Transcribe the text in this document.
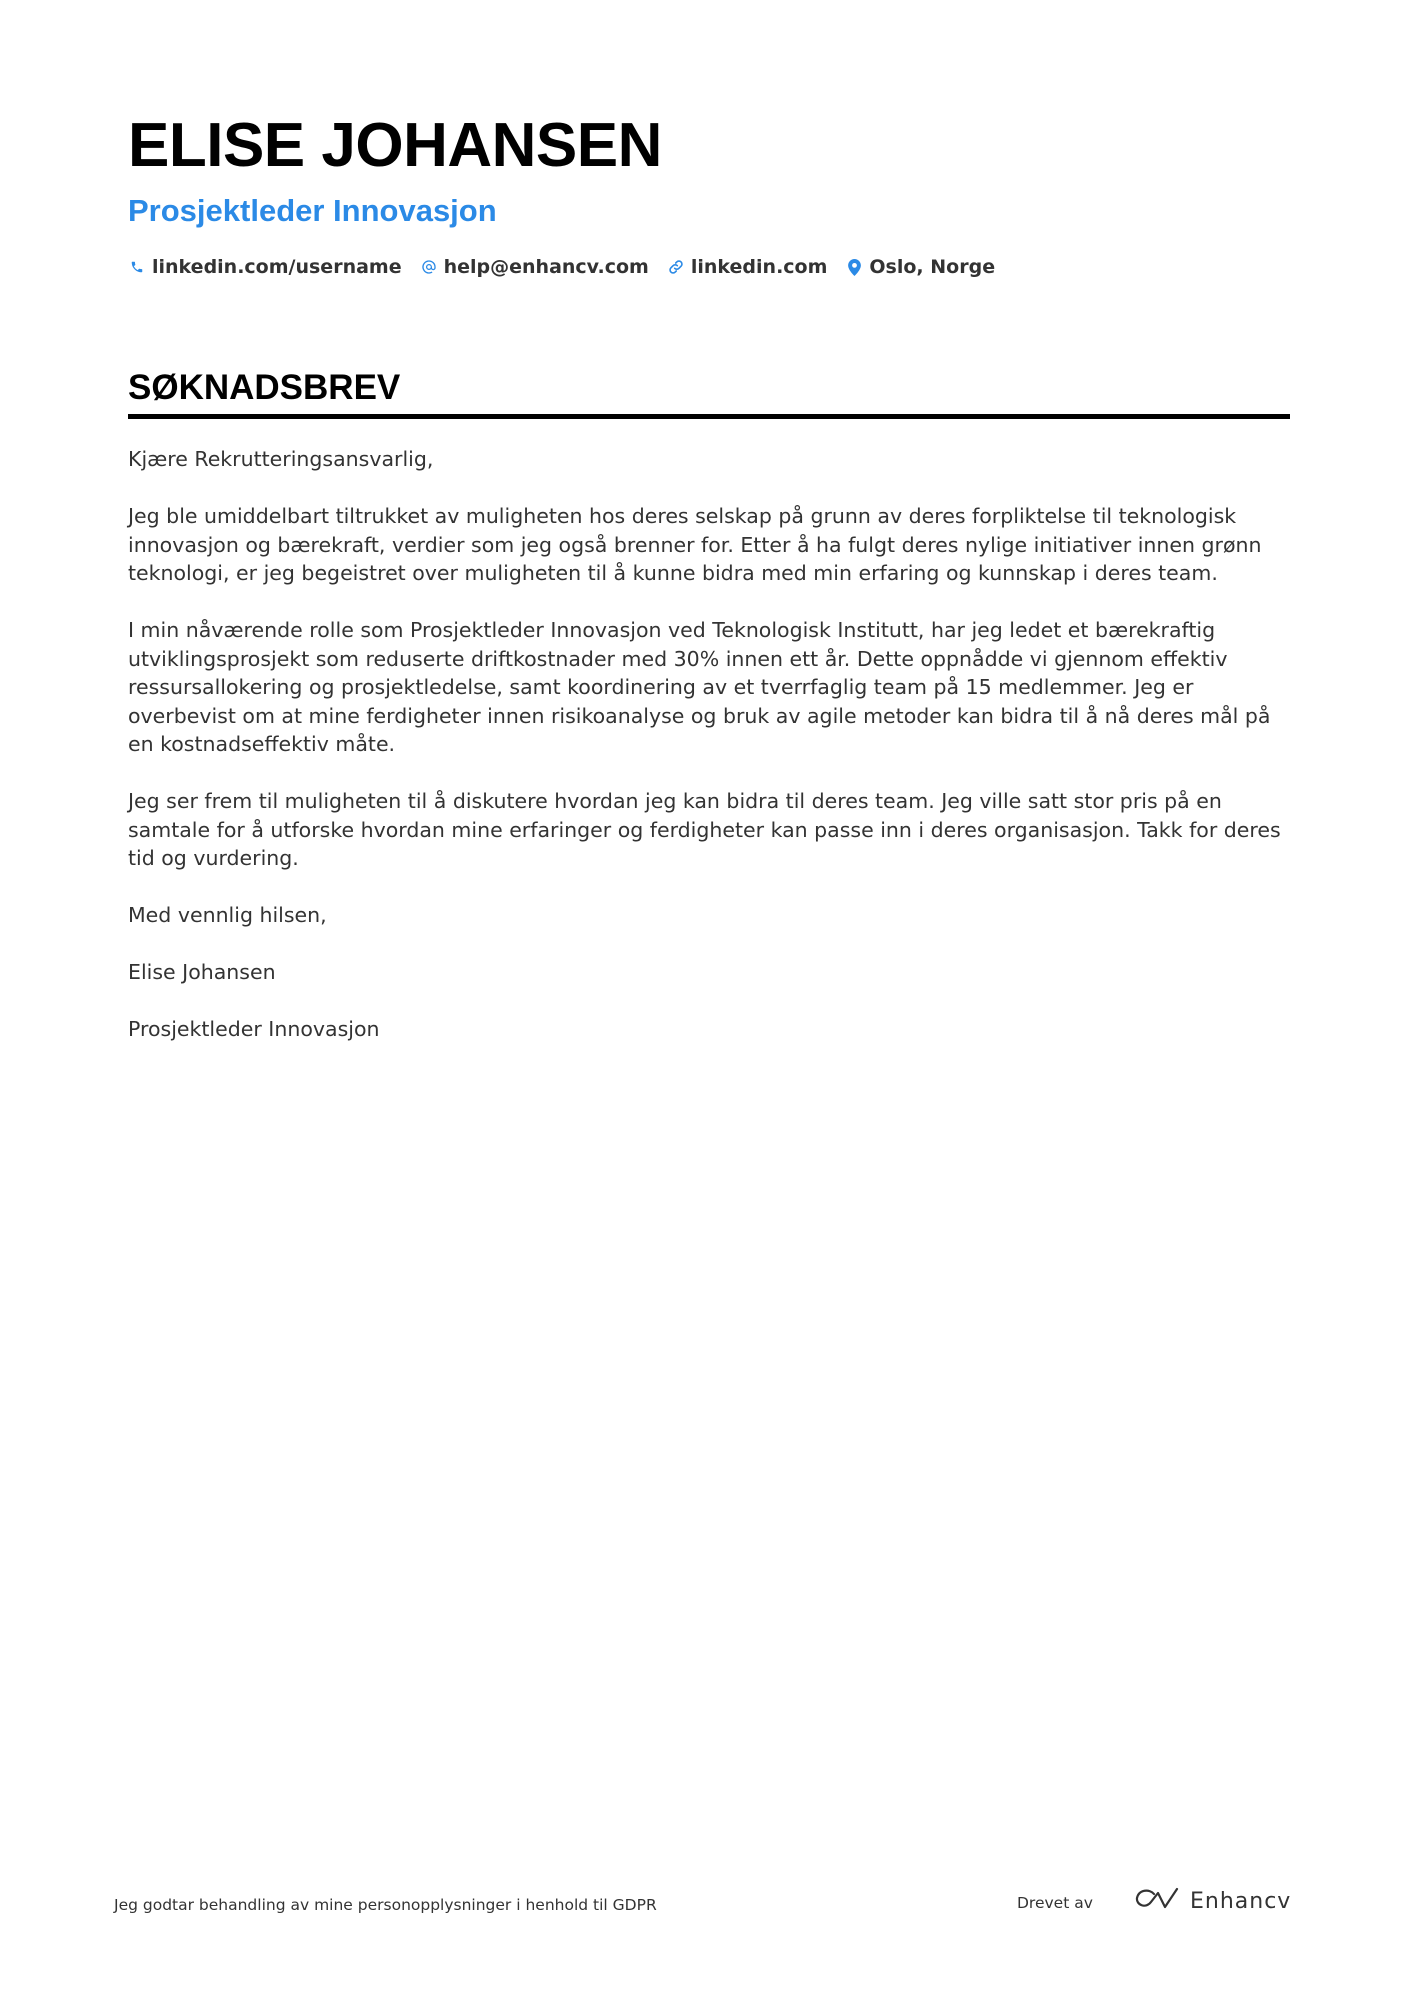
ELISE JOHANSEN
Prosjektleder Innovasjon
linkedin.com/username help@enhancv.com linkedin.com Oslo, Norge
SØKNADSBREV

Kjære Rekrutteringsansvarlig,

Jeg ble umiddelbart tiltrukket av muligheten hos deres selskap på grunn av deres forpliktelse til teknologisk innovasjon og bærekraft, verdier som jeg også brenner for. Etter å ha fulgt deres nylige initiativer innen grønn teknologi, er jeg begeistret over muligheten til å kunne bidra med min erfaring og kunnskap i deres team.

I min nåværende rolle som Prosjektleder Innovasjon ved Teknologisk Institutt, har jeg ledet et bærekraftig utviklingsprosjekt som reduserte driftkostnader med 30% innen ett år. Dette oppnådde vi gjennom effektiv ressursallokering og prosjektledelse, samt koordinering av et tverrfaglig team på 15 medlemmer. Jeg er overbevist om at mine ferdigheter innen risikoanalyse og bruk av agile metoder kan bidra til å nå deres mål på en kostnadseffektiv måte.

Jeg ser frem til muligheten til å diskutere hvordan jeg kan bidra til deres team. Jeg ville satt stor pris på en samtale for å utforske hvordan mine erfaringer og ferdigheter kan passe inn i deres organisasjon. Takk for deres tid og vurdering.

Med vennlig hilsen,

Elise Johansen

Prosjektleder Innovasjon

Jeg godtar behandling av mine personopplysninger i henhold til GDPR	Drevet av	Enhancv
